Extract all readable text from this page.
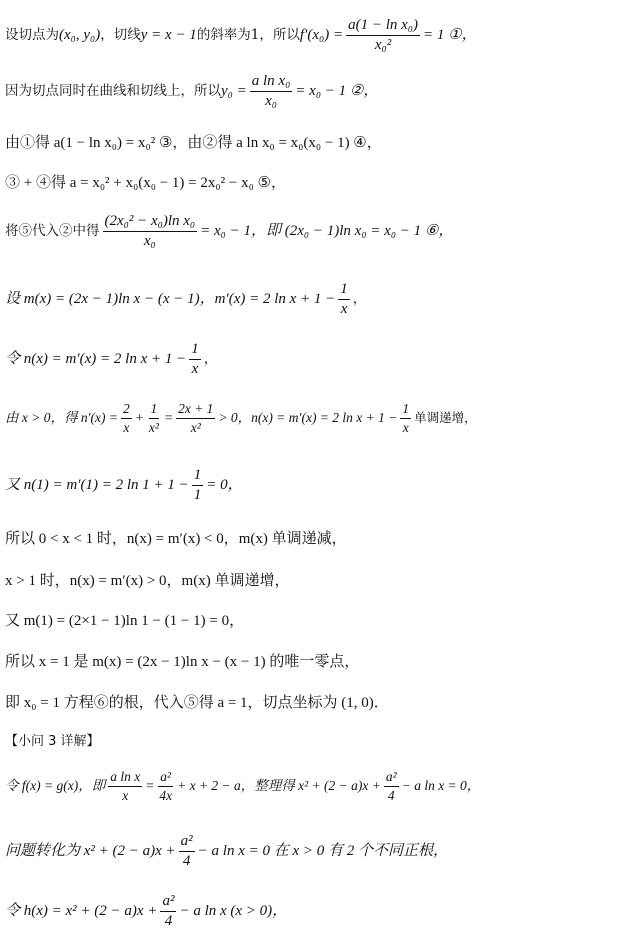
设切点为 (x₀, y₀) ，切线 y = x − 1 的斜率为1，所以 $f'(x_0) = \frac{\text{a(1 − ln x₀)}}{\text{x₀²}} = 1$ ①，
因为切点同时在曲线和切线上，所以 $y_0 = \frac{\text{a ln x₀}}{\text{x₀}} = x_0 - 1$ ②，
由①得 a(1 − ln x₀) = x₀² ③，由②得 a ln x₀ = x₀(x₀ − 1) ④，
③ + ④得 a = x₀² + x₀(x₀ − 1) = 2x₀² − x₀ ⑤，
将⑤代入②中得 $\frac{\text{(2x₀² − x₀)ln x₀}}{\text{x₀}} = x_0 - 1$，即 (2x₀ − 1)ln x₀ = x₀ − 1 ⑥，
设 m(x) = (2x − 1)ln x − (x − 1)，m′(x) = 2 $\ln x + 1 - \frac{1}{x}$ ，
令 n(x) = m′(x) = 2 $\ln x + 1 - \frac{1}{x}$ ，
由 x > 0，得 $n'(x) = \frac{2}{x} + \frac{1}{\text{x²}} = \frac{2x + 1}{\text{x²}} > 0$，n(x) = m′(x) = 2 $\ln x + 1 - \frac{1}{x}$ 单调递增，
又 n(1) = m′(1) = 2 $\ln 1 + 1 - \frac{1}{1} = 0$，
所以 0 < x < 1 时，n(x) = m′(x) < 0，m(x) 单调递减，
x > 1 时，n(x) = m′(x) > 0，m(x) 单调递增，
又 m(1) = (2×1 − 1)ln 1 − (1 − 1) = 0，
所以 x = 1 是 m(x) = (2x − 1)ln x − (x − 1) 的唯一零点，
即 x₀ = 1 方程⑥的根，代入⑤得 a = 1，切点坐标为 (1, 0)．
【小问 3 详解】
令 f(x) = g(x)，即 $\frac{\text{a ln x}}{x} = \frac{\text{a²}}{4x} + x + 2 - a$，整理得 $x^2 + (2 - a)x + \frac{\text{a²}}{4} - a$ ln x = 0，
问题转化为 $x^2 + (2 - a)x + \frac{\text{a²}}{4} - a$ ln x = 0 在 x > 0 有 2 个不同正根，
令 $h(x) = x^2 + (2 - a)x + \frac{\text{a²}}{4} - a$ ln x (x > 0)，
